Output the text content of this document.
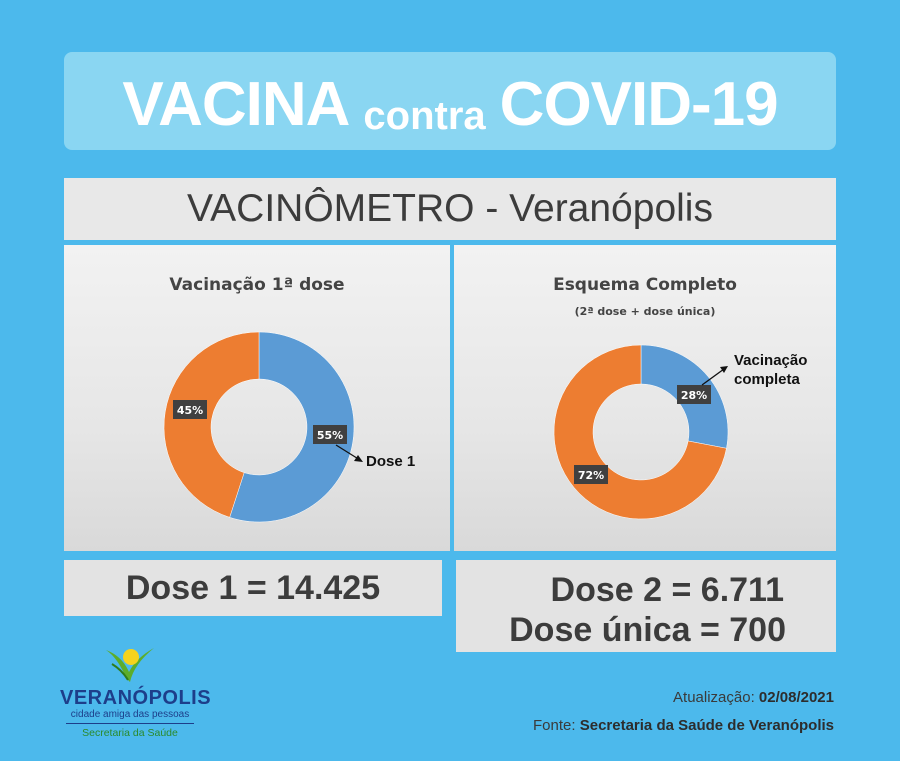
VACINA contra COVID-19
VACINÔMETRO - Veranópolis
Vacinação 1ª dose
55%
45%
Dose 1
Esquema Completo
(2ª dose + dose única)
28%
72%
Vacinação
completa
Dose 1 = 14.425	Dose 2 = 6.711
Dose única = 700
VERANÓPOLIS
cidade amiga das pessoas
Secretaria da Saúde
Atualização: 02/08/2021
Fonte: Secretaria da Saúde de Veranópolis
